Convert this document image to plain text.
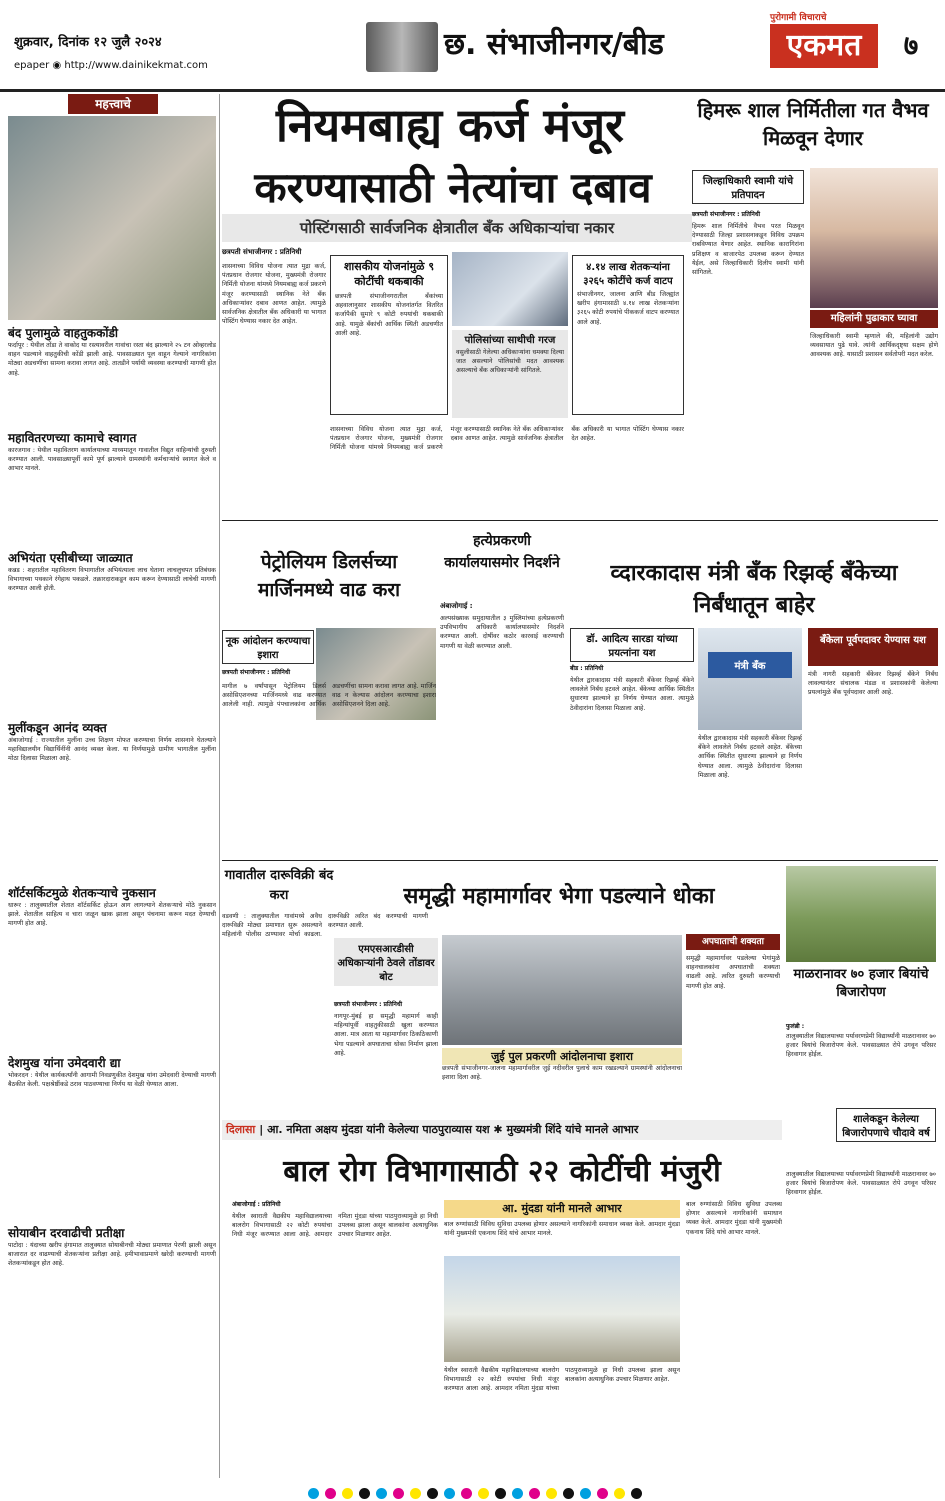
शुक्रवार, दिनांक १२ जुलै २०२४
epaper ◉ http://www.dainikekmat.com
छ. संभाजीनगर/बीड
पुरोगामी विचाराचे
एकमत	७
महत्त्वाचे
बंद पुलामुळे वाहतुककोंडी
फर्दापूर : येथील तोंडा ते वाकोद या रस्त्यावरील गावांचा रस्ता बंद झाल्याने २५ टन ओव्हरलोड वाहन पडल्याने वाहतुकीची कोंडी झाली आहे. पावसाळ्यात पूल वाहून गेल्याने नागरिकांना मोठ्या अडचणींचा सामना करावा लागत आहे. तातडीने पर्यायी व्यवस्था करण्याची मागणी होत आहे.
महावितरणच्या कामाचे स्वागत
कारजगाव : येथील महावितरण कार्यालयाच्या माध्यमातून गावातील विद्युत वाहिन्यांची दुरुस्ती करण्यात आली. पावसाळ्यापूर्वी कामे पूर्ण झाल्याने ग्रामस्थांनी कर्मचाऱ्यांचे स्वागत केले व आभार मानले.
अभियंता एसीबीच्या जाळ्यात
कन्नड : शहरातील महावितरण विभागातील अभियंत्याला लाच घेताना लाचलुचपत प्रतिबंधक विभागाच्या पथकाने रंगेहाथ पकडले. तक्रारदाराकडून काम करून देण्यासाठी लाचेची मागणी करण्यात आली होती.
मुलींकडून आनंद व्यक्त
अंबाजोगाई : राज्यातील मुलींना उच्च शिक्षण मोफत करण्याचा निर्णय शासनाने घेतल्याने महाविद्यालयीन विद्यार्थिनींनी आनंद व्यक्त केला. या निर्णयामुळे ग्रामीण भागातील मुलींना मोठा दिलासा मिळाला आहे.
शॉर्टसर्किटमुळे शेतकऱ्याचे नुकसान
धारूर : तालुक्यातील शेतात शॉर्टसर्किट होऊन आग लागल्याने शेतकऱ्याचे मोठे नुकसान झाले. शेतातील साहित्य व चारा जळून खाक झाला असून पंचनामा करून मदत देण्याची मागणी होत आहे.
देशमुख यांना उमेदवारी द्या
भोकरदन : येथील कार्यकर्त्यांनी आगामी निवडणुकीत देशमुख यांना उमेदवारी देण्याची मागणी बैठकीत केली. पक्षश्रेष्ठींकडे ठराव पाठवण्याचा निर्णय या वेळी घेण्यात आला.
सोयाबीन दरवाढीची प्रतीक्षा
पाटोदा : यंदाच्या खरीप हंगामात तालुक्यात सोयाबीनची मोठ्या प्रमाणात पेरणी झाली असून बाजारात दर वाढण्याची शेतकऱ्यांना प्रतीक्षा आहे. हमीभावाप्रमाणे खरेदी करण्याची मागणी शेतकऱ्यांकडून होत आहे.
नियमबाह्य कर्ज मंजूर
करण्यासाठी नेत्यांचा दबाव
पोस्टिंगसाठी सार्वजनिक क्षेत्रातील बँक अधिकाऱ्यांचा नकार
छत्रपती संभाजीनगर : प्रतिनिधी
शासनाच्या विविध योजना त्यात मुद्रा कर्ज, पंतप्रधान रोजगार योजना, मुख्यमंत्री रोजगार निर्मिती योजना यांमध्ये नियमबाह्य कर्ज प्रकरणे मंजूर करण्यासाठी स्थानिक नेते बँक अधिकाऱ्यांवर दबाव आणत आहेत. त्यामुळे सार्वजनिक क्षेत्रातील बँक अधिकारी या भागात पोस्टिंग घेण्यास नकार देत आहेत.
शासकीय योजनांमुळे ९ कोटींची थकबाकी
छत्रपती संभाजीनगरातील बँकांच्या अहवालानुसार शासकीय योजनांतर्गत वितरित कर्जापैकी सुमारे ९ कोटी रुपयांची थकबाकी आहे. यामुळे बँकांची आर्थिक स्थिती अडचणीत आली आहे.
पोलिसांच्या साथीची गरज
वसुलीसाठी गेलेल्या अधिकाऱ्यांना धमक्या दिल्या जात असल्याने पोलिसांची मदत आवश्यक असल्याचे बँक अधिकाऱ्यांनी सांगितले.
४.१४ लाख शेतकऱ्यांना ३२६५ कोटींचे कर्ज वाटप
संभाजीनगर, जालना आणि बीड जिल्ह्यांत खरीप हंगामासाठी ४.१४ लाख शेतकऱ्यांना ३२६५ कोटी रुपयांचे पीककर्ज वाटप करण्यात आले आहे.
शासनाच्या विविध योजना त्यात मुद्रा कर्ज, पंतप्रधान रोजगार योजना, मुख्यमंत्री रोजगार निर्मिती योजना यांमध्ये नियमबाह्य कर्ज प्रकरणे मंजूर करण्यासाठी स्थानिक नेते बँक अधिकाऱ्यांवर दबाव आणत आहेत. त्यामुळे सार्वजनिक क्षेत्रातील बँक अधिकारी या भागात पोस्टिंग घेण्यास नकार देत आहेत.
हिमरू शाल निर्मितीला गत वैभव मिळवून देणार
जिल्हाधिकारी स्वामी यांचे प्रतिपादन
छत्रपती संभाजीनगर : प्रतिनिधी
हिमरू शाल निर्मितीचे वैभव परत मिळवून देण्यासाठी जिल्हा प्रशासनाकडून विविध उपक्रम राबविण्यात येणार आहेत. स्थानिक कारागिरांना प्रशिक्षण व बाजारपेठ उपलब्ध करून देण्यात येईल, असे जिल्हाधिकारी दिलीप स्वामी यांनी सांगितले.
महिलांनी पुढाकार घ्यावा
जिल्हाधिकारी स्वामी म्हणाले की, महिलांनी उद्योग व्यवसायात पुढे यावे. त्यांनी आर्थिकदृष्ट्या सक्षम होणे आवश्यक आहे. यासाठी प्रशासन सर्वतोपरी मदत करेल.
पेट्रोलियम डिलर्सच्या मार्जिनमध्ये वाढ करा
नूक आंदोलन करण्याचा इशारा
छत्रपती संभाजीनगर : प्रतिनिधी
मागील ७ वर्षांपासून पेट्रोलियम डिलर्स असोसिएशनच्या मार्जिनमध्ये वाढ करण्यात आलेली नाही. त्यामुळे पंपचालकांना आर्थिक अडचणींचा सामना करावा लागत आहे. मार्जिन वाढ न केल्यास आंदोलन करण्याचा इशारा असोसिएशनने दिला आहे.
हत्येप्रकरणी कार्यालयासमोर निदर्शने
अंबाजोगाई :
अल्पसंख्याक समुदायातील ३ मुस्लिमांच्या हत्येप्रकरणी उपविभागीय अधिकारी कार्यालयासमोर निदर्शने करण्यात आली. दोषींवर कठोर कारवाई करण्याची मागणी या वेळी करण्यात आली.
व्दारकादास मंत्री बँक रिझर्व्ह बँकेच्या निर्बंधातून बाहेर
डॉ. आदित्य सारडा यांच्या प्रयत्नांना यश
बीड : प्रतिनिधी
येथील द्वारकादास मंत्री सहकारी बँकेवर रिझर्व्ह बँकेने लावलेले निर्बंध हटवले आहेत. बँकेच्या आर्थिक स्थितीत सुधारणा झाल्याने हा निर्णय घेण्यात आला. त्यामुळे ठेवीदारांना दिलासा मिळाला आहे.
मंत्री बँक
येथील द्वारकादास मंत्री सहकारी बँकेवर रिझर्व्ह बँकेने लावलेले निर्बंध हटवले आहेत. बँकेच्या आर्थिक स्थितीत सुधारणा झाल्याने हा निर्णय घेण्यात आला. त्यामुळे ठेवीदारांना दिलासा मिळाला आहे.
बँकेला पूर्वपदावर येण्यास यश
मंत्री नागरी सहकारी बँकेवर रिझर्व्ह बँकेने निर्बंध लावल्यानंतर संचालक मंडळ व प्रशासकांनी केलेल्या प्रयत्नांमुळे बँक पूर्वपदावर आली आहे.
गावातील दारूविक्री बंद करा
वडवणी : तालुक्यातील गावांमध्ये अवैध दारूविक्री मोठ्या प्रमाणात सुरू असल्याने महिलांनी पोलीस ठाण्यावर मोर्चा काढला. दारूविक्री त्वरित बंद करण्याची मागणी करण्यात आली.
समृद्धी महामार्गावर भेगा पडल्याने धोका
एमएसआरडीसी अधिकाऱ्यांनी ठेवले तोंडावर बोट
छत्रपती संभाजीनगर : प्रतिनिधी
नागपूर-मुंबई हा समृद्धी महामार्ग काही महिन्यांपूर्वी वाहतुकीसाठी खुला करण्यात आला. मात्र आता या महामार्गावर ठिकठिकाणी भेगा पडल्याने अपघाताचा धोका निर्माण झाला आहे.	जुई पुल प्रकरणी आंदोलनाचा इशारा
छत्रपती संभाजीनगर-जालना महामार्गावरील जुई नदीवरील पुलाचे काम रखडल्याने ग्रामस्थांनी आंदोलनाचा इशारा दिला आहे.
अपघाताची शक्यता
समृद्धी महामार्गावर पडलेल्या भेगांमुळे वाहनचालकांना अपघाताची शक्यता वाढली आहे. त्वरित दुरुस्ती करण्याची मागणी होत आहे.
माळरानावर ७० हजार बियांचे बिजारोपण
फुलंब्री :
तालुक्यातील विद्यालयाच्या पर्यावरणप्रेमी विद्यार्थ्यांनी माळरानावर ७० हजार बियांचे बिजारोपण केले. पावसाळ्यात रोपे उगवून परिसर हिरवागार होईल.
दिलासा | आ. नमिता अक्षय मुंदडा यांनी केलेल्या पाठपुराव्यास यश ✱ मुख्यमंत्री शिंदे यांचे मानले आभार
शालेकडून केलेल्या बिजारोपणाचे चौदावे वर्ष
तालुक्यातील विद्यालयाच्या पर्यावरणप्रेमी विद्यार्थ्यांनी माळरानावर ७० हजार बियांचे बिजारोपण केले. पावसाळ्यात रोपे उगवून परिसर हिरवागार होईल.
बाल रोग विभागासाठी २२ कोटींची मंजुरी
अंबाजोगाई : प्रतिनिधी
येथील स्वाराती वैद्यकीय महाविद्यालयाच्या बालरोग विभागासाठी २२ कोटी रुपयांचा निधी मंजूर करण्यात आला आहे. आमदार नमिता मुंदडा यांच्या पाठपुराव्यामुळे हा निधी उपलब्ध झाला असून बालकांना अत्याधुनिक उपचार मिळणार आहेत.
आ. मुंदडा यांनी मानले आभार
बाल रुग्णांसाठी विविध सुविधा उपलब्ध होणार असल्याने नागरिकांनी समाधान व्यक्त केले. आमदार मुंदडा यांनी मुख्यमंत्री एकनाथ शिंदे यांचे आभार मानले.
येथील स्वाराती वैद्यकीय महाविद्यालयाच्या बालरोग विभागासाठी २२ कोटी रुपयांचा निधी मंजूर करण्यात आला आहे. आमदार नमिता मुंदडा यांच्या पाठपुराव्यामुळे हा निधी उपलब्ध झाला असून बालकांना अत्याधुनिक उपचार मिळणार आहेत.
बाल रुग्णांसाठी विविध सुविधा उपलब्ध होणार असल्याने नागरिकांनी समाधान व्यक्त केले. आमदार मुंदडा यांनी मुख्यमंत्री एकनाथ शिंदे यांचे आभार मानले.
